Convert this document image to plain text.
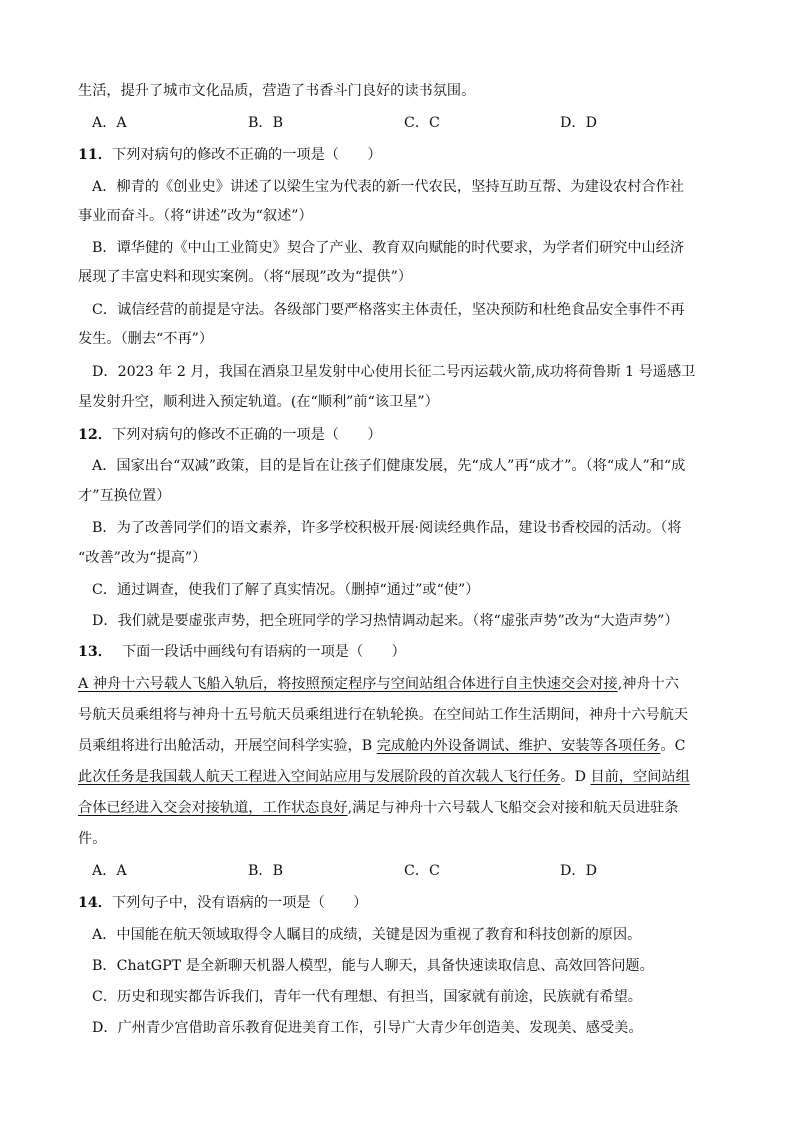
生活，提升了城市文化品质，营造了书香斗门良好的读书氛围。
A．A	B．B	C．C	D．D
11．下列对病句的修改不正确的一项是（　　）
A．柳青的《创业史》讲述了以梁生宝为代表的新一代农民，坚持互助互帮、为建设农村合作社
事业而奋斗。（将“讲述”改为“叙述”）
B．谭华健的《中山工业简史》契合了产业、教育双向赋能的时代要求，为学者们研究中山经济
展现了丰富史料和现实案例。（将“展现”改为“提供”）
C．诚信经营的前提是守法。各级部门要严格落实主体责任，坚决预防和杜绝食品安全事件不再
发生。（删去“不再”）
D．2023 年 2 月，我国在酒泉卫星发射中心使用长征二号丙运载火箭,成功将荷鲁斯 1 号遥感卫
星发射升空，顺利进入预定轨道。(在“顺利”前“该卫星”）
12．下列对病句的修改不正确的一项是（　　）
A．国家出台“双减”政策，目的是旨在让孩子们健康发展，先“成人”再“成才”。（将“成人”和“成
才”互换位置）
B．为了改善同学们的语文素养，许多学校积极开展·阅读经典作品，建设书香校园的活动。（将
“改善”改为“提高”）
C．通过调查，使我们了解了真实情况。（删掉“通过”或“使”）
D．我们就是要虚张声势，把全班同学的学习热情调动起来。（将“虚张声势”改为“大造声势”）
13． 下面一段话中画线句有语病的一项是（　　）
A 神舟十六号载人飞船入轨后，将按照预定程序与空间站组合体进行自主快速交会对接,神舟十六
号航天员乘组将与神舟十五号航天员乘组进行在轨轮换。在空间站工作生活期间，神舟十六号航天
员乘组将进行出舱活动，开展空间科学实验，B 完成舱内外设备调试、维护、安装等各项任务。C
此次任务是我国载人航天工程进入空间站应用与发展阶段的首次载人飞行任务。D 目前，空间站组
合体已经进入交会对接轨道，工作状态良好,满足与神舟十六号载人飞船交会对接和航天员进驻条
件。
A．A	B．B	C．C	D．D
14．下列句子中，没有语病的一项是（　　）
A．中国能在航天领域取得令人瞩目的成绩，关键是因为重视了教育和科技创新的原因。
B．ChatGPT 是全新聊天机器人模型，能与人聊天，具备快速读取信息、高效回答问题。
C．历史和现实都告诉我们，青年一代有理想、有担当，国家就有前途，民族就有希望。
D．广州青少宫借助音乐教育促进美育工作，引导广大青少年创造美、发现美、感受美。
